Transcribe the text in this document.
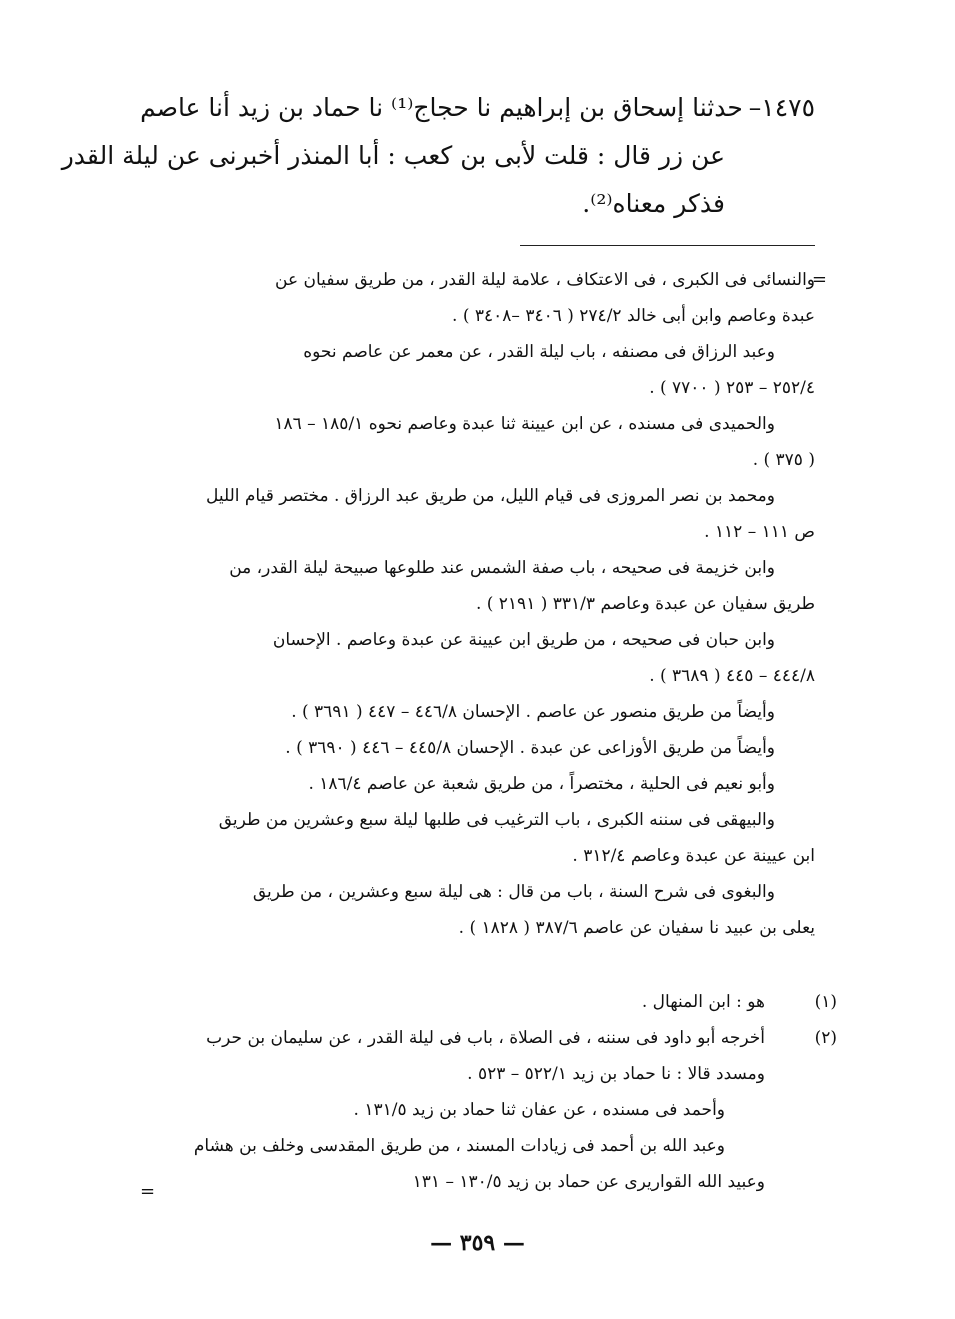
١٤٧٥–حدثنا إسحاق بن إبراهيم نا حجاج⁽¹⁾ نا حماد بن زيد أنا عاصم
عن زر قال : قلت لأبى بن كعب : أبا المنذر أخبرنى عن ليلة القدر
فذكر معناه⁽²⁾.
=
والنسائى فى الكبرى ، فى الاعتكاف ، علامة ليلة القدر ، من طريق سفيان عن
عبدة وعاصم وابن أبى خالد ٢٧٤/٢ ( ٣٤٠٦ –٣٤٠٨ ) .
وعبد الرزاق فى مصنفه ، باب ليلة القدر ، عن معمر عن عاصم نحوه
٢٥٢/٤ – ٢٥٣ ( ٧٧٠٠ ) .
والحميدى فى مسنده ، عن ابن عيينة ثنا عبدة وعاصم نحوه ١٨٥/١ – ١٨٦
( ٣٧٥ ) .
ومحمد بن نصر المروزى فى قيام الليل، من طريق عبد الرزاق . مختصر قيام الليل
ص ١١١ – ١١٢ .
وابن خزيمة فى صحيحه ، باب صفة الشمس عند طلوعها صبيحة ليلة القدر، من
طريق سفيان عن عبدة وعاصم ٣٣١/٣ ( ٢١٩١ ) .
وابن حبان فى صحيحه ، من طريق ابن عيينة عن عبدة وعاصم . الإحسان
٤٤٤/٨ – ٤٤٥ ( ٣٦٨٩ ) .
وأيضاً من طريق منصور عن عاصم . الإحسان ٤٤٦/٨ – ٤٤٧ ( ٣٦٩١ ) .
وأيضاً من طريق الأوزاعى عن عبدة . الإحسان ٤٤٥/٨ – ٤٤٦ ( ٣٦٩٠ ) .
وأبو نعيم فى الحلية ، مختصراً ، من طريق شعبة عن عاصم ١٨٦/٤ .
والبيهقى فى سننه الكبرى ، باب الترغيب فى طلبها ليلة سبع وعشرين من طريق
ابن عيينة عن عبدة وعاصم ٣١٢/٤ .
والبغوى فى شرح السنة ، باب من قال : هى ليلة سبع وعشرين ، من طريق
يعلى بن عبيد نا سفيان عن عاصم ٣٨٧/٦ ( ١٨٢٨ ) .
(١)
هو : ابن المنهال .
(٢)
أخرجه أبو داود فى سننه ، فى الصلاة ، باب فى ليلة القدر ، عن سليمان بن حرب
ومسدد قالا : نا حماد بن زيد ٥٢٢/١ – ٥٢٣ .
وأحمد فى مسنده ، عن عفان ثنا حماد بن زيد ١٣١/٥ .
وعبد الله بن أحمد فى زيادات المسند ، من طريق المقدسى وخلف بن هشام
وعبيد الله القواريرى عن حماد بن زيد ١٣٠/٥ – ١٣١
=
— ٣٥٩ —
